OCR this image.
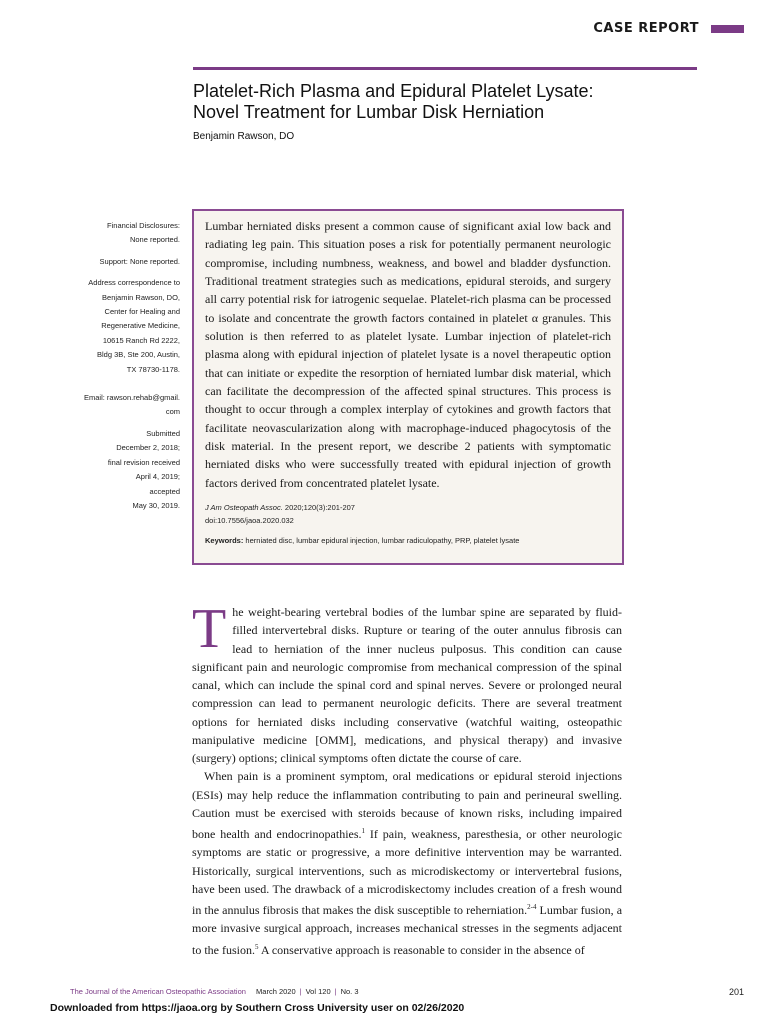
CASE REPORT
Platelet-Rich Plasma and Epidural Platelet Lysate:
Novel Treatment for Lumbar Disk Herniation
Benjamin Rawson, DO
Financial Disclosures:
None reported.
Support: None reported.
Address correspondence to
Benjamin Rawson, DO,
Center for Healing and
Regenerative Medicine,
10615 Ranch Rd 2222,
Bldg 3B, Ste 200, Austin,
TX 78730-1178.
Email: rawson.rehab@gmail.
com
Submitted
December 2, 2018;
final revision received
April 4, 2019;
accepted
May 30, 2019.

Lumbar herniated disks present a common cause of significant axial low back and radiating leg pain. This situation poses a risk for potentially permanent neurologic compromise, including numbness, weakness, and bowel and bladder dysfunction. Traditional treatment strategies such as medications, epidural steroids, and surgery all carry potential risk for iatrogenic sequelae. Platelet-rich plasma can be processed to isolate and concentrate the growth factors contained in platelet α granules. This solution is then referred to as platelet lysate. Lumbar injection of platelet-rich plasma along with epidural injection of platelet lysate is a novel therapeutic option that can initiate or expedite the resorption of herniated lumbar disk material, which can facilitate the decompression of the affected spinal structures. This process is thought to occur through a complex interplay of cytokines and growth factors that facilitate neovascularization along with macrophage-induced phagocytosis of the disk material. In the present report, we describe 2 patients with symptomatic herniated disks who were successfully treated with epidural injection of growth factors derived from concentrated platelet lysate.

J Am Osteopath Assoc. 2020;120(3):201-207
doi:10.7556/jaoa.2020.032
Keywords: herniated disc, lumbar epidural injection, lumbar radiculopathy, PRP, platelet lysate

The weight-bearing vertebral bodies of the lumbar spine are separated by fluid-filled intervertebral disks. Rupture or tearing of the outer annulus fibrosis can lead to herniation of the inner nucleus pulposus. This condition can cause significant pain and neurologic compromise from mechanical compression of the spinal canal, which can include the spinal cord and spinal nerves. Severe or prolonged neural compression can lead to permanent neurologic deficits. There are several treatment options for herniated disks including conservative (watchful waiting, osteopathic manipulative medicine [OMM], medications, and physical therapy) and invasive (surgery) options; clinical symptoms often dictate the course of care.

When pain is a prominent symptom, oral medications or epidural steroid injections (ESIs) may help reduce the inflammation contributing to pain and perineural swelling. Caution must be exercised with steroids because of known risks, including impaired bone health and endocrinopathies.$^1$ If pain, weakness, paresthesia, or other neurologic symptoms are static or progressive, a more definitive intervention may be warranted. Historically, surgical interventions, such as microdiskectomy or intervertebral fusions, have been used. The drawback of a microdiskectomy includes creation of a fresh wound in the annulus fibrosis that makes the disk susceptible to reherniation.$^{2-4}$ Lumbar fusion, a more invasive surgical approach, increases mechanical stresses in the segments adjacent to the fusion.$^5$ A conservative approach is reasonable to consider in the absence of

The Journal of the American Osteopathic Association March 2020 | Vol 120 | No. 3	201
Downloaded from https://jaoa.org by Southern Cross University user on 02/26/2020
